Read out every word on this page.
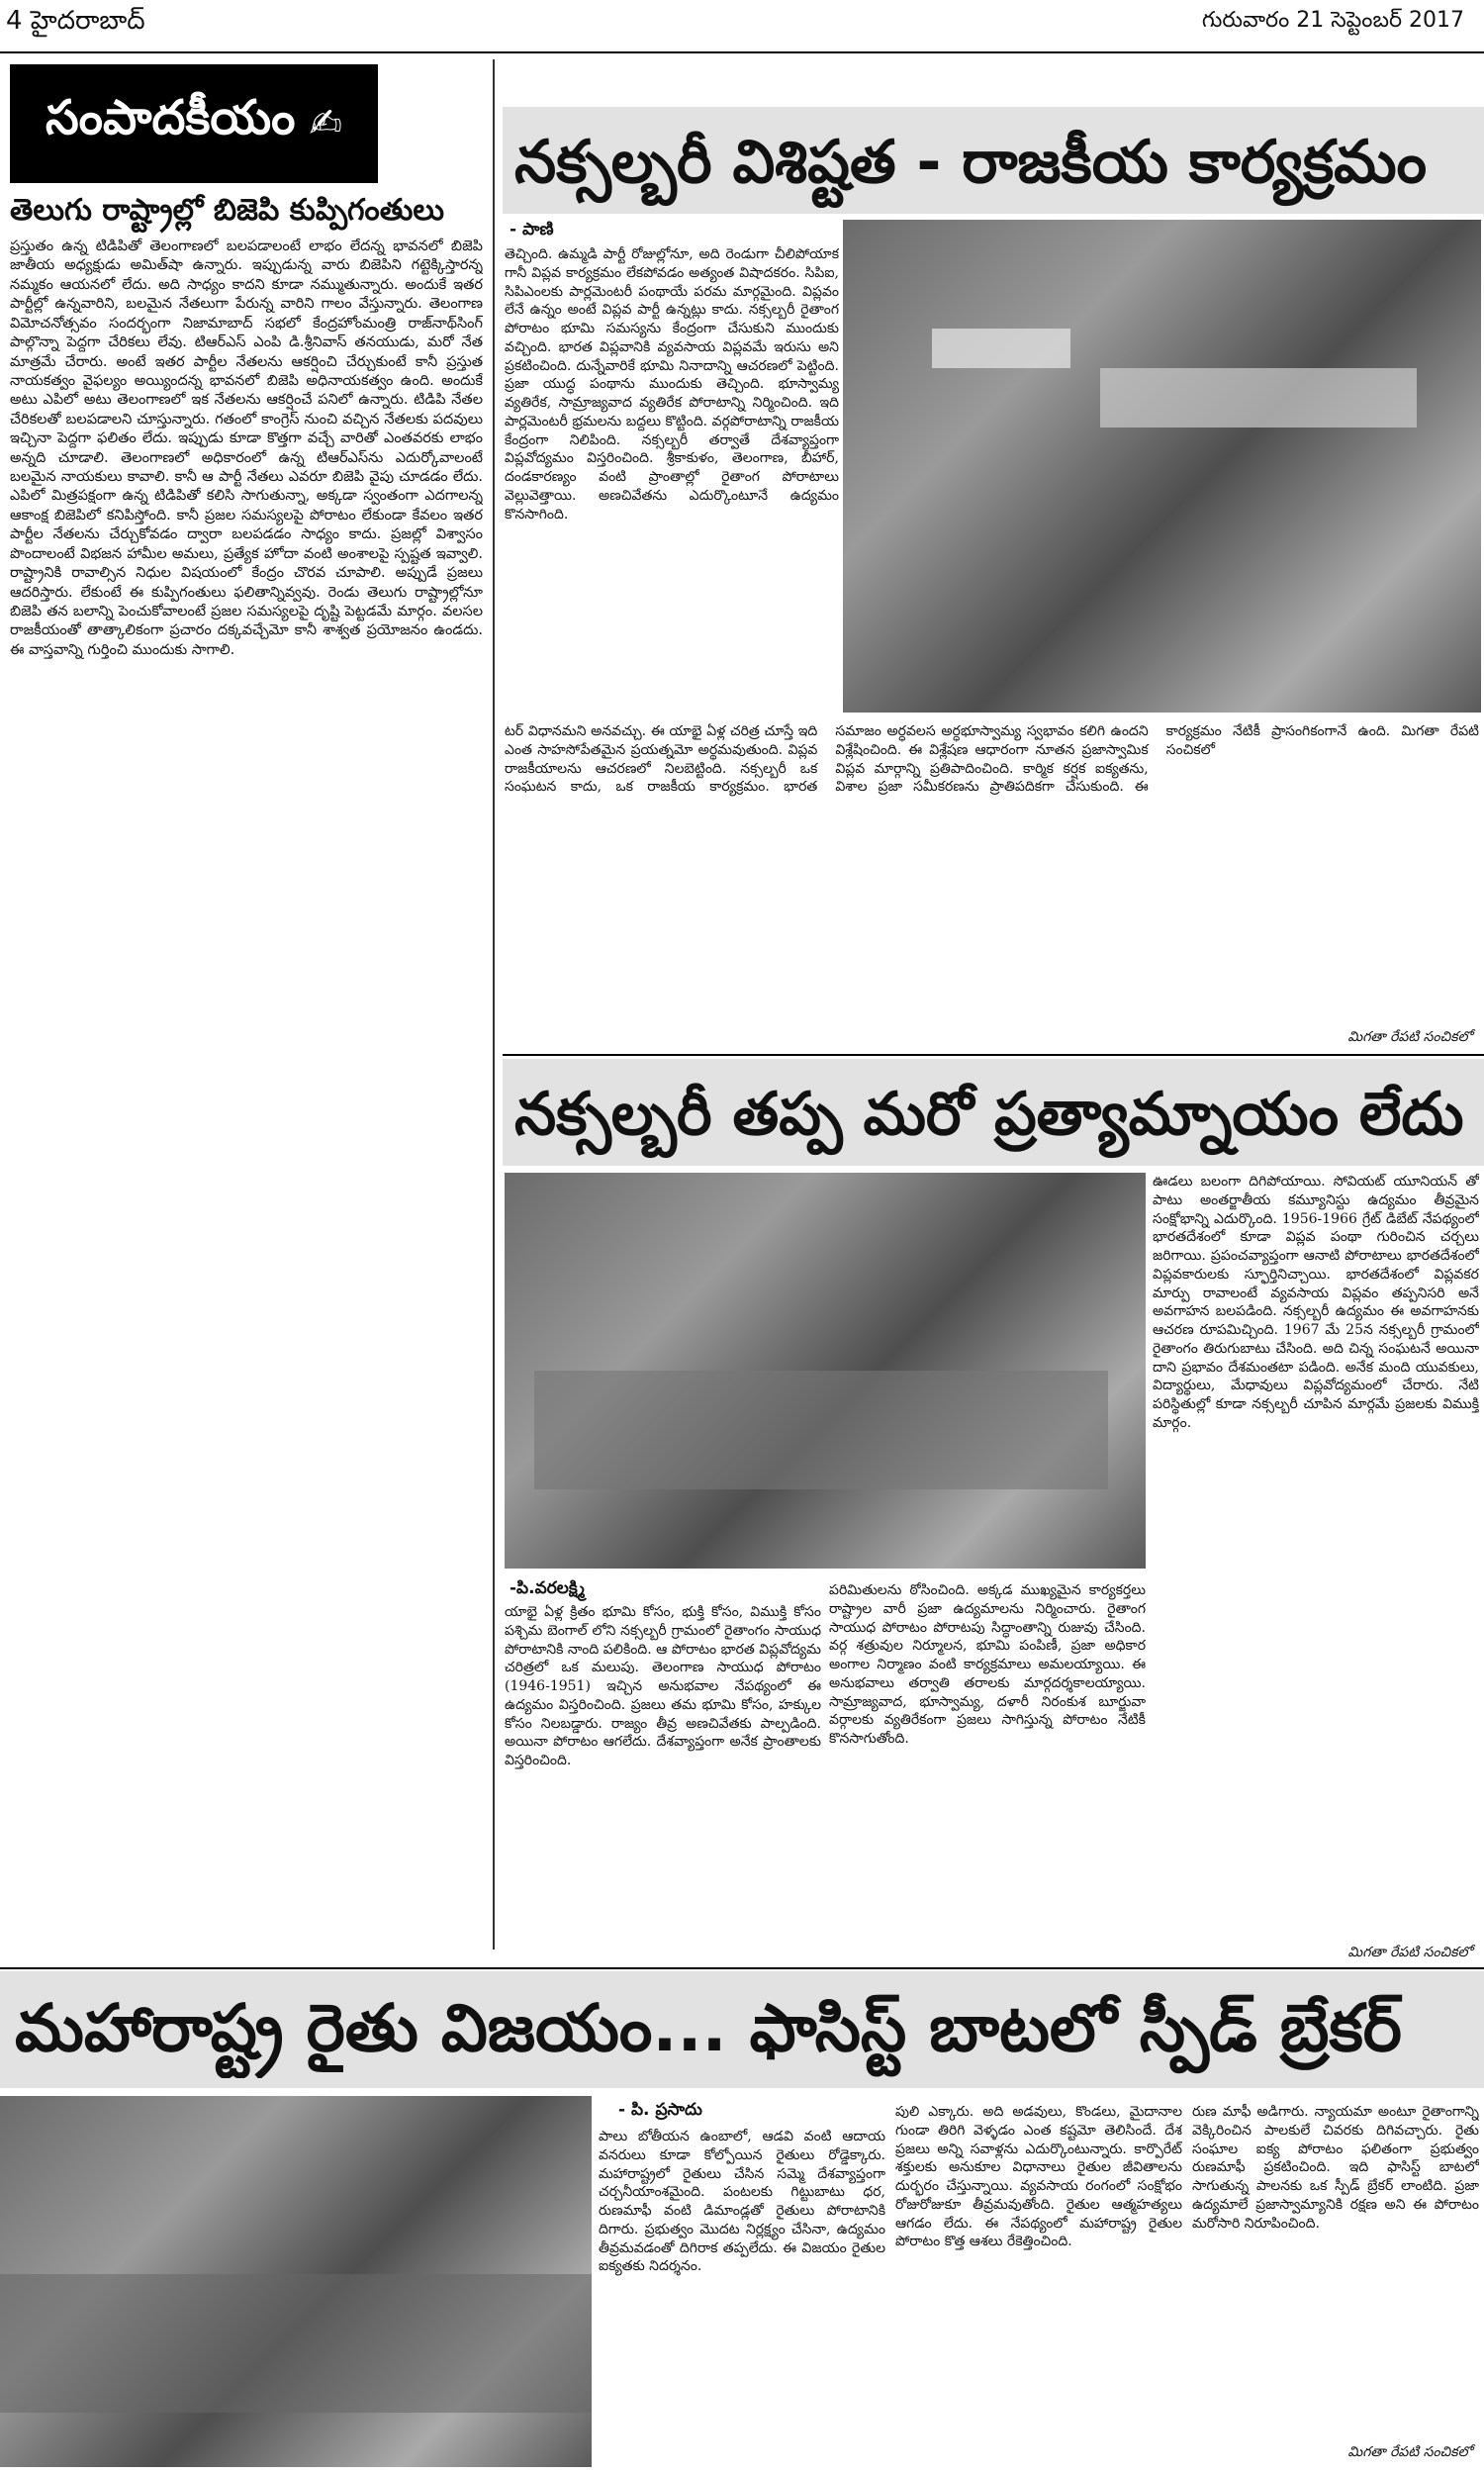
4 హైదరాబాద్	గురువారం 21 సెప్టెంబర్ 2017
సంపాదకీయం ✍
తెలుగు రాష్ట్రాల్లో బిజెపి కుప్పిగంతులు
ప్రస్తుతం ఉన్న టిడిపితో తెలంగాణలో బలపడాలంటే లాభం లేదన్న భావనలో బిజెపి జాతీయ అధ్యక్షుడు అమిత్‌షా ఉన్నారు. ఇప్పుడున్న వారు బిజెపిని గట్టెక్కిస్తారన్న నమ్మకం ఆయనలో లేదు. అది సాధ్యం కాదని కూడా నమ్ముతున్నారు. అందుకే ఇతర పార్టీల్లో ఉన్నవారిని, బలమైన నేతలుగా పేరున్న వారిని గాలం వేస్తున్నారు. తెలంగాణ విమోచనోత్సవం సందర్భంగా నిజామాబాద్ సభలో కేంద్రహోంమంత్రి రాజ్‌నాథ్‌సింగ్ పాల్గొన్నా పెద్దగా చేరికలు లేవు. టిఆర్ఎస్ ఎంపి డి.శ్రీనివాస్ తనయుడు, మరో నేత మాత్రమే చేరారు. అంటే ఇతర పార్టీల నేతలను ఆకర్షించి చేర్చుకుంటే కానీ ప్రస్తుత నాయకత్వం వైఫల్యం అయ్యిందన్న భావనలో బిజెపి అధినాయకత్వం ఉంది. అందుకే అటు ఎపిలో అటు తెలంగాణలో ఇక నేతలను ఆకర్షించే పనిలో ఉన్నారు. టిడిపి నేతల చేరికలతో బలపడాలని చూస్తున్నారు. గతంలో కాంగ్రెస్ నుంచి వచ్చిన నేతలకు పదవులు ఇచ్చినా పెద్దగా ఫలితం లేదు. ఇప్పుడు కూడా కొత్తగా వచ్చే వారితో ఎంతవరకు లాభం అన్నది చూడాలి. తెలంగాణలో అధికారంలో ఉన్న టిఆర్ఎస్‌ను ఎదుర్కోవాలంటే బలమైన నాయకులు కావాలి. కానీ ఆ పార్టీ నేతలు ఎవరూ బిజెపి వైపు చూడడం లేదు. ఎపిలో మిత్రపక్షంగా ఉన్న టిడిపితో కలిసి సాగుతున్నా, అక్కడా స్వంతంగా ఎదగాలన్న ఆకాంక్ష బిజెపిలో కనిపిస్తోంది. కానీ ప్రజల సమస్యలపై పోరాటం లేకుండా కేవలం ఇతర పార్టీల నేతలను చేర్చుకోవడం ద్వారా బలపడడం సాధ్యం కాదు. ప్రజల్లో విశ్వాసం పొందాలంటే విభజన హామీల అమలు, ప్రత్యేక హోదా వంటి అంశాలపై స్పష్టత ఇవ్వాలి. రాష్ట్రానికి రావాల్సిన నిధుల విషయంలో కేంద్రం చొరవ చూపాలి. అప్పుడే ప్రజలు ఆదరిస్తారు. లేకుంటే ఈ కుప్పిగంతులు ఫలితాన్నివ్వవు. రెండు తెలుగు రాష్ట్రాల్లోనూ బిజెపి తన బలాన్ని పెంచుకోవాలంటే ప్రజల సమస్యలపై దృష్టి పెట్టడమే మార్గం. వలసల రాజకీయంతో తాత్కాలికంగా ప్రచారం దక్కవచ్చేమో కానీ శాశ్వత ప్రయోజనం ఉండదు. ఈ వాస్తవాన్ని గుర్తించి ముందుకు సాగాలి.
నక్సల్బరీ విశిష్టత - రాజకీయ కార్యక్రమం
- పాణి
తెచ్చింది. ఉమ్మడి పార్టీ రోజుల్లోనూ, అది రెండుగా చీలిపోయాక గానీ విప్లవ కార్యక్రమం లేకపోవడం అత్యంత విషాదకరం. సిపిఐ, సిపిఎంలకు పార్లమెంటరీ పంథాయే పరమ మార్గమైంది. విప్లవం లేనే ఉన్నం అంటే విప్లవ పార్టీ ఉన్నట్లు కాదు. నక్సల్బరీ రైతాంగ పోరాటం భూమి సమస్యను కేంద్రంగా చేసుకుని ముందుకు వచ్చింది. భారత విప్లవానికి వ్యవసాయ విప్లవమే ఇరుసు అని ప్రకటించింది. దున్నేవారికే భూమి నినాదాన్ని ఆచరణలో పెట్టింది. ప్రజా యుద్ధ పంథాను ముందుకు తెచ్చింది. భూస్వామ్య వ్యతిరేక, సామ్రాజ్యవాద వ్యతిరేక పోరాటాన్ని నిర్మించింది. ఇది పార్లమెంటరీ భ్రమలను బద్దలు కొట్టింది. వర్గపోరాటాన్ని రాజకీయ కేంద్రంగా నిలిపింది. నక్సల్బరీ తర్వాతే దేశవ్యాప్తంగా విప్లవోద్యమం విస్తరించింది. శ్రీకాకుళం, తెలంగాణ, బీహార్, దండకారణ్యం వంటి ప్రాంతాల్లో రైతాంగ పోరాటాలు వెల్లువెత్తాయి. అణచివేతను ఎదుర్కొంటూనే ఉద్యమం కొనసాగింది.
టర్ విధానమని అనవచ్చు. ఈ యాభై ఏళ్ల చరిత్ర చూస్తే ఇది ఎంత సాహసోపేతమైన ప్రయత్నమో అర్థమవుతుంది. విప్లవ రాజకీయాలను ఆచరణలో నిలబెట్టింది. నక్సల్బరీ ఒక సంఘటన కాదు, ఒక రాజకీయ కార్యక్రమం. భారత సమాజం అర్ధవలస అర్ధభూస్వామ్య స్వభావం కలిగి ఉందని విశ్లేషించింది. ఈ విశ్లేషణ ఆధారంగా నూతన ప్రజాస్వామిక విప్లవ మార్గాన్ని ప్రతిపాదించింది. కార్మిక కర్షక ఐక్యతను, విశాల ప్రజా సమీకరణను ప్రాతిపదికగా చేసుకుంది. ఈ కార్యక్రమం నేటికీ ప్రాసంగికంగానే ఉంది. మిగతా రేపటి సంచికలో
మిగతా రేపటి సంచికలో
నక్సల్బరీ తప్ప మరో ప్రత్యామ్నాయం లేదు
ఊడలు బలంగా దిగిపోయాయి. సోవియట్ యూనియన్ తో పాటు అంతర్జాతీయ కమ్యూనిస్టు ఉద్యమం తీవ్రమైన సంక్షోభాన్ని ఎదుర్కొంది. 1956-1966 గ్రేట్ డిబేట్ నేపథ్యంలో భారతదేశంలో కూడా విప్లవ పంథా గురించిన చర్చలు జరిగాయి. ప్రపంచవ్యాప్తంగా ఆనాటి పోరాటాలు భారతదేశంలో విప్లవకారులకు స్ఫూర్తినిచ్చాయి. భారతదేశంలో విప్లవకర మార్పు రావాలంటే వ్యవసాయ విప్లవం తప్పనిసరి అనే అవగాహన బలపడింది. నక్సల్బరీ ఉద్యమం ఈ అవగాహనకు ఆచరణ రూపమిచ్చింది. 1967 మే 25న నక్సల్బరీ గ్రామంలో రైతాంగం తిరుగుబాటు చేసింది. అది చిన్న సంఘటనే అయినా దాని ప్రభావం దేశమంతటా పడింది. అనేక మంది యువకులు, విద్యార్థులు, మేధావులు విప్లవోద్యమంలో చేరారు. నేటి పరిస్థితుల్లో కూడా నక్సల్బరీ చూపిన మార్గమే ప్రజలకు విముక్తి మార్గం.
-పి.వరలక్ష్మి
యాభై ఏళ్ల క్రితం భూమి కోసం, భుక్తి కోసం, విముక్తి కోసం పశ్చిమ బెంగాల్ లోని నక్సల్బరీ గ్రామంలో రైతాంగం సాయుధ పోరాటానికి నాంది పలికింది. ఆ పోరాటం భారత విప్లవోద్యమ చరిత్రలో ఒక మలుపు. తెలంగాణ సాయుధ పోరాటం (1946-1951) ఇచ్చిన అనుభవాల నేపథ్యంలో ఈ ఉద్యమం విస్తరించింది. ప్రజలు తమ భూమి కోసం, హక్కుల కోసం నిలబడ్డారు. రాజ్యం తీవ్ర అణచివేతకు పాల్పడింది. అయినా పోరాటం ఆగలేదు. దేశవ్యాప్తంగా అనేక ప్రాంతాలకు విస్తరించింది.
పరిమితులను ఠోసించింది. అక్కడ ముఖ్యమైన కార్యకర్తలు రాష్ట్రాల వారీ ప్రజా ఉద్యమాలను నిర్మించారు. రైతాంగ సాయుధ పోరాటం పోరాటపు సిద్ధాంతాన్ని రుజువు చేసింది. వర్గ శత్రువుల నిర్మూలన, భూమి పంపిణీ, ప్రజా అధికార అంగాల నిర్మాణం వంటి కార్యక్రమాలు అమలయ్యాయి. ఈ అనుభవాలు తర్వాతి తరాలకు మార్గదర్శకాలయ్యాయి. సామ్రాజ్యవాద, భూస్వామ్య, దళారీ నిరంకుశ బూర్జువా వర్గాలకు వ్యతిరేకంగా ప్రజలు సాగిస్తున్న పోరాటం నేటికీ కొనసాగుతోంది.
మిగతా రేపటి సంచికలో
మహారాష్ట్ర రైతు విజయం... ఫాసిస్ట్ బాటలో స్పీడ్ బ్రేకర్
- పి. ప్రసాదు
పాలు బోతీయన ఉంబాలో, ఆడవి వంటి ఆదాయ వనరులు కూడా కోల్పోయిన రైతులు రోడ్డెక్కారు. మహారాష్ట్రలో రైతులు చేసిన సమ్మె దేశవ్యాప్తంగా చర్చనీయాంశమైంది. పంటలకు గిట్టుబాటు ధర, రుణమాఫీ వంటి డిమాండ్లతో రైతులు పోరాటానికి దిగారు. ప్రభుత్వం మొదట నిర్లక్ష్యం చేసినా, ఉద్యమం తీవ్రమవడంతో దిగిరాక తప్పలేదు. ఈ విజయం రైతుల ఐక్యతకు నిదర్శనం.
పులి ఎక్కారు. అది అడవులు, కొండలు, మైదానాల గుండా తిరిగి వెళ్ళడం ఎంత కష్టమో తెలిసిందే. దేశ ప్రజలు అన్ని సవాళ్లను ఎదుర్కొంటున్నారు. కార్పొరేట్ శక్తులకు అనుకూల విధానాలు రైతుల జీవితాలను దుర్భరం చేస్తున్నాయి. వ్యవసాయ రంగంలో సంక్షోభం రోజురోజుకూ తీవ్రమవుతోంది. రైతుల ఆత్మహత్యలు ఆగడం లేదు. ఈ నేపథ్యంలో మహారాష్ట్ర రైతుల పోరాటం కొత్త ఆశలు రేకెత్తించింది.
రుణ మాఫీ అడిగారు. న్యాయమా అంటూ రైతాంగాన్ని వెక్కిరించిన పాలకులే చివరకు దిగివచ్చారు. రైతు సంఘాల ఐక్య పోరాటం ఫలితంగా ప్రభుత్వం రుణమాఫీ ప్రకటించింది. ఇది ఫాసిస్ట్ బాటలో సాగుతున్న పాలనకు ఒక స్పీడ్ బ్రేకర్ లాంటిది. ప్రజా ఉద్యమాలే ప్రజాస్వామ్యానికి రక్షణ అని ఈ పోరాటం మరోసారి నిరూపించింది.
మిగతా రేపటి సంచికలో
